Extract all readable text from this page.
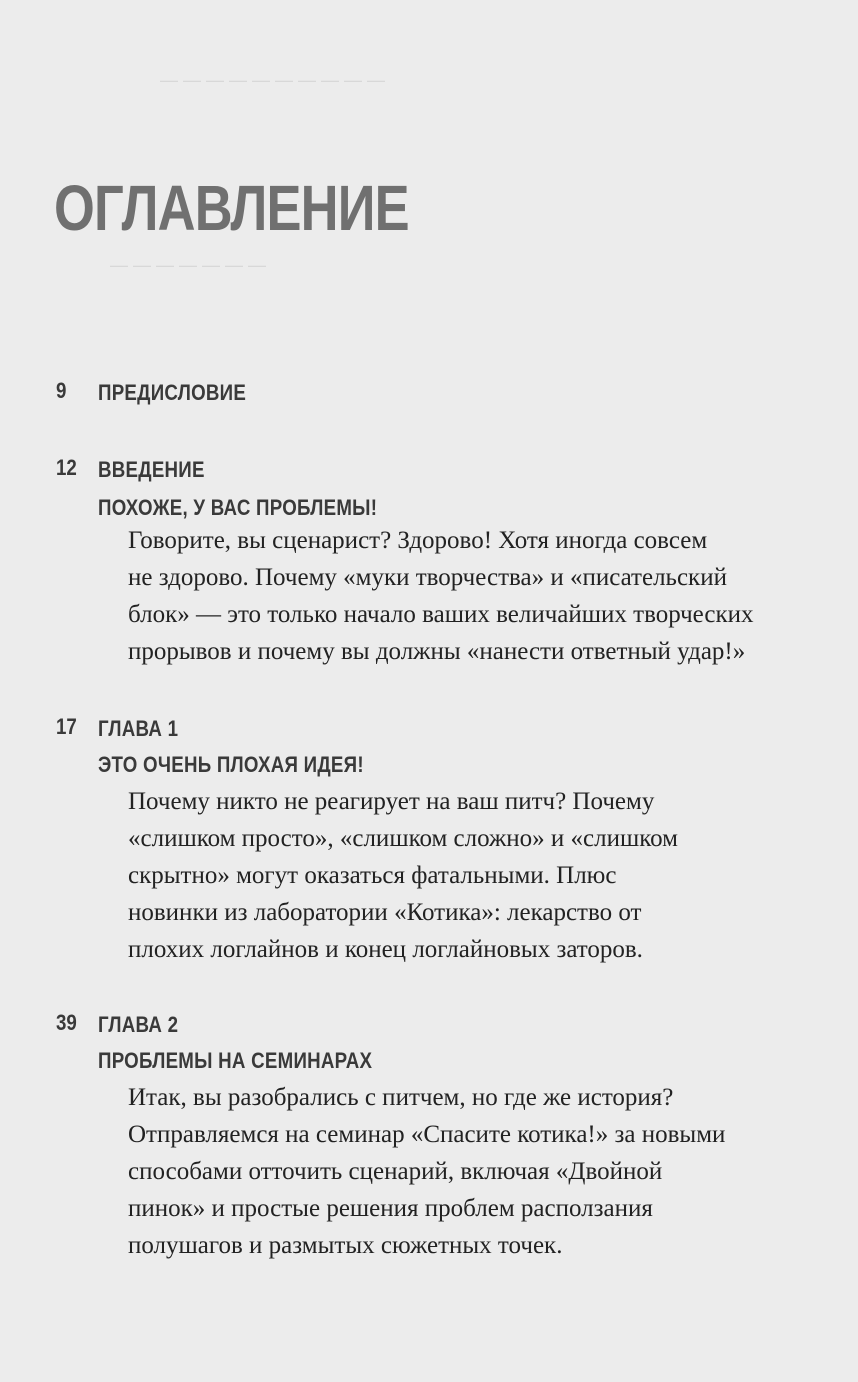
— — — — — — — — — —
— — — — — — —
ОГЛАВЛЕНИЕ
9 ПРЕДИСЛОВИЕ
12 ВВЕДЕНИЕ
ПОХОЖЕ, У ВАС ПРОБЛЕМЫ!
Говорите, вы сценарист? Здорово! Хотя иногда совсем
не здорово. Почему «муки творчества» и «писательский
блок» — это только начало ваших величайших творческих
прорывов и почему вы должны «нанести ответный удар!»
17 ГЛАВА 1
ЭТО ОЧЕНЬ ПЛОХАЯ ИДЕЯ!
Почему никто не реагирует на ваш питч? Почему
«слишком просто», «слишком сложно» и «слишком
скрытно» могут оказаться фатальными. Плюс
новинки из лаборатории «Котика»: лекарство от
плохих логлайнов и конец логлайновых заторов.
39 ГЛАВА 2
ПРОБЛЕМЫ НА СЕМИНАРАХ
Итак, вы разобрались с питчем, но где же история?
Отправляемся на семинар «Спасите котика!» за новыми
способами отточить сценарий, включая «Двойной
пинок» и простые решения проблем расползания
полушагов и размытых сюжетных точек.
